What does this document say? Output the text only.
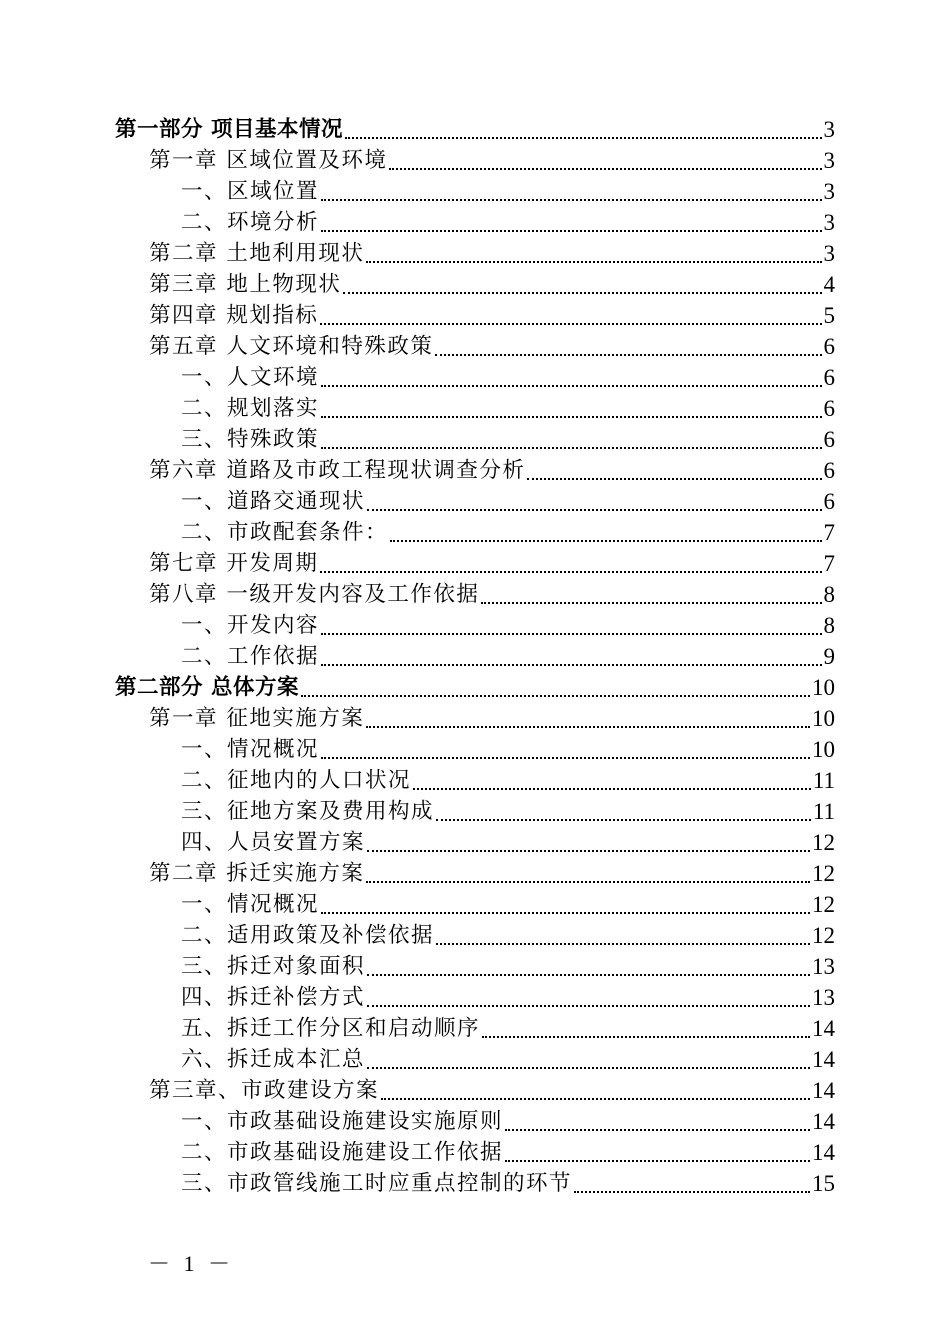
第一部分 项目基本情况	3
第一章 区域位置及环境	3
一、区域位置	3
二、环境分析	3
第二章 土地利用现状	3
第三章 地上物现状	4
第四章 规划指标	5
第五章 人文环境和特殊政策	6
一、人文环境	6
二、规划落实	6
三、特殊政策	6
第六章 道路及市政工程现状调查分析	6
一、道路交通现状	6
二、市政配套条件：	7
第七章 开发周期	7
第八章 一级开发内容及工作依据	8
一、开发内容	8
二、工作依据	9
第二部分 总体方案	10
第一章 征地实施方案	10
一、情况概况	10
二、征地内的人口状况	11
三、征地方案及费用构成	11
四、人员安置方案	12
第二章 拆迁实施方案	12
一、情况概况	12
二、适用政策及补偿依据	12
三、拆迁对象面积	13
四、拆迁补偿方式	13
五、拆迁工作分区和启动顺序	14
六、拆迁成本汇总	14
第三章、市政建设方案	14
一、市政基础设施建设实施原则	14
二、市政基础设施建设工作依据	14
三、市政管线施工时应重点控制的环节	15
－ 1 －
